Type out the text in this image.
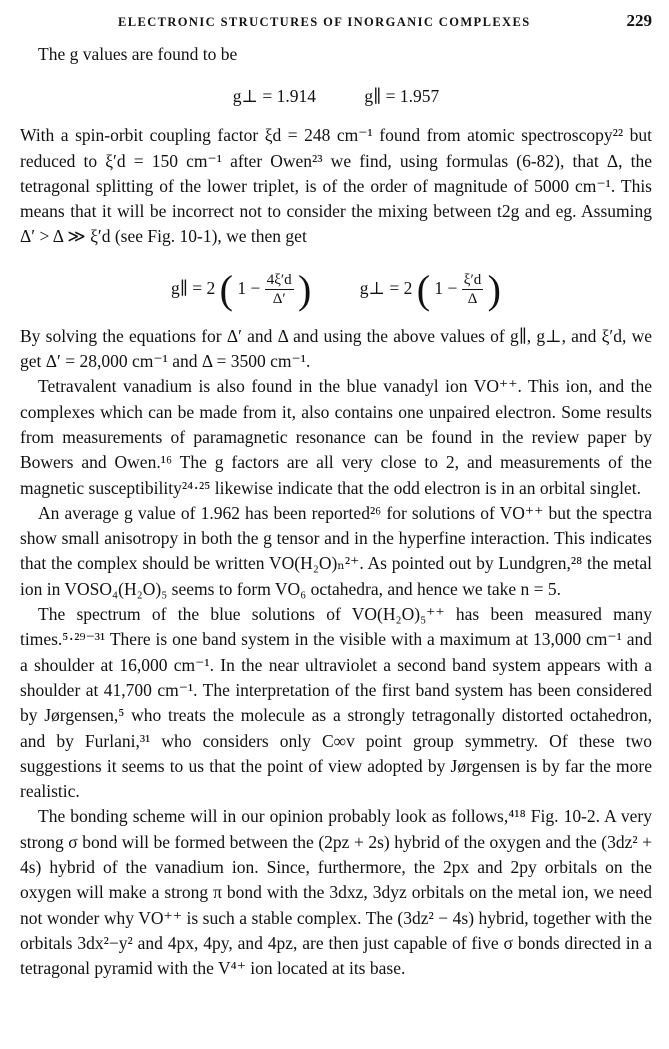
ELECTRONIC STRUCTURES OF INORGANIC COMPLEXES	229

The g values are found to be

g⊥ = 1.914	g∥ = 1.957

With a spin-orbit coupling factor ξd = 248 cm⁻¹ found from atomic spectroscopy²² but reduced to ξ′d = 150 cm⁻¹ after Owen²³ we find, using formulas (6-82), that Δ, the tetragonal splitting of the lower triplet, is of the order of magnitude of 5000 cm⁻¹. This means that it will be incorrect not to consider the mixing between t2g and eg. Assuming Δ′ > Δ ≫ ξ′d (see Fig. 10-1), we then get

g∥ = 2 ( $1 - \frac{4\xi'd}{\Delta'}$ )	g⊥ = 2 ( $1 - \frac{\xi'd}{\Delta}$ )

By solving the equations for Δ′ and Δ and using the above values of g∥, g⊥, and ξ′d, we get Δ′ = 28,000 cm⁻¹ and Δ = 3500 cm⁻¹.

Tetravalent vanadium is also found in the blue vanadyl ion VO⁺⁺. This ion, and the complexes which can be made from it, also contains one unpaired electron. Some results from measurements of paramagnetic resonance can be found in the review paper by Bowers and Owen.¹⁶ The g factors are all very close to 2, and measurements of the magnetic susceptibility²⁴·²⁵ likewise indicate that the odd electron is in an orbital singlet.

An average g value of 1.962 has been reported²⁶ for solutions of VO⁺⁺ but the spectra show small anisotropy in both the g tensor and in the hyperfine interaction. This indicates that the complex should be written VO(H₂O)ₙ²⁺. As pointed out by Lundgren,²⁸ the metal ion in VOSO₄(H₂O)₅ seems to form VO₆ octahedra, and hence we take n = 5.

The spectrum of the blue solutions of VO(H₂O)₅⁺⁺ has been measured many times.⁵·²⁹⁻³¹ There is one band system in the visible with a maximum at 13,000 cm⁻¹ and a shoulder at 16,000 cm⁻¹. In the near ultraviolet a second band system appears with a shoulder at 41,700 cm⁻¹. The interpretation of the first band system has been considered by Jørgensen,⁵ who treats the molecule as a strongly tetragonally distorted octahedron, and by Furlani,³¹ who considers only C∞v point group symmetry. Of these two suggestions it seems to us that the point of view adopted by Jørgensen is by far the more realistic.

The bonding scheme will in our opinion probably look as follows,⁴¹⁸ Fig. 10-2. A very strong σ bond will be formed between the (2pz + 2s) hybrid of the oxygen and the (3dz² + 4s) hybrid of the vanadium ion. Since, furthermore, the 2px and 2py orbitals on the oxygen will make a strong π bond with the 3dxz, 3dyz orbitals on the metal ion, we need not wonder why VO⁺⁺ is such a stable complex. The (3dz² − 4s) hybrid, together with the orbitals 3dx²−y² and 4px, 4py, and 4pz, are then just capable of five σ bonds directed in a tetragonal pyramid with the V⁴⁺ ion located at its base.
